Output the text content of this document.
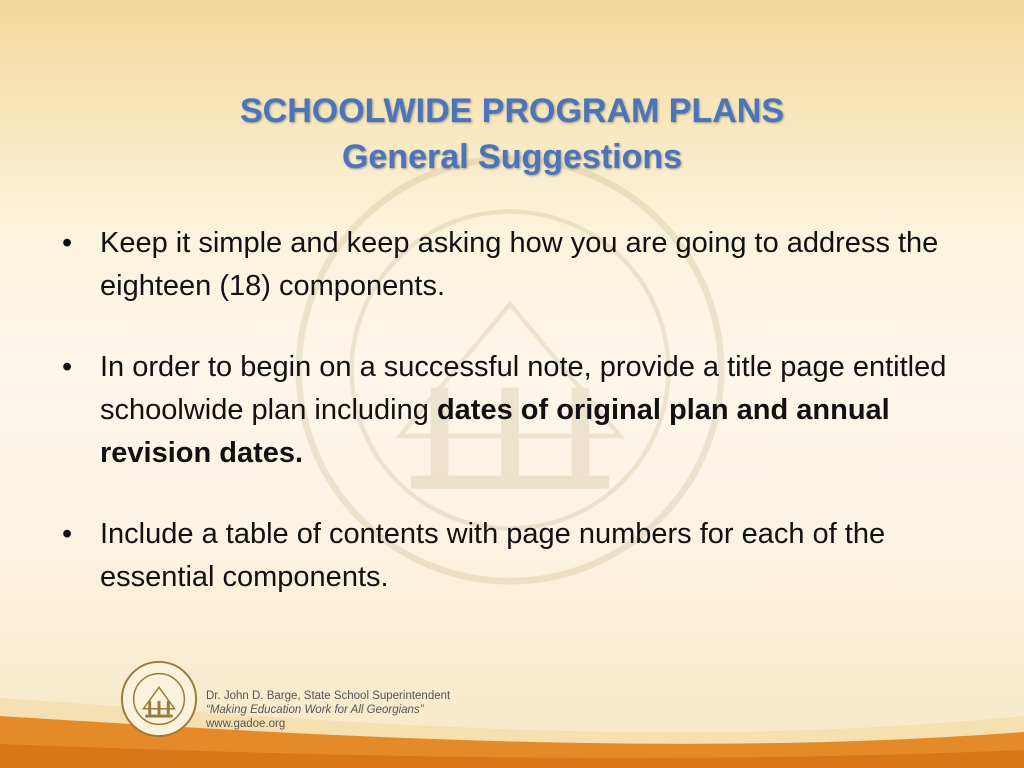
SCHOOLWIDE PROGRAM PLANS
General Suggestions
• Keep it simple and keep asking how you are going to address the eighteen (18) components.
• In order to begin on a successful note, provide a title page entitled schoolwide plan including dates of original plan and annual revision dates.
• Include a table of contents with page numbers for each of the essential components.
Dr. John D. Barge, State School Superintendent
“Making Education Work for All Georgians”
www.gadoe.org
